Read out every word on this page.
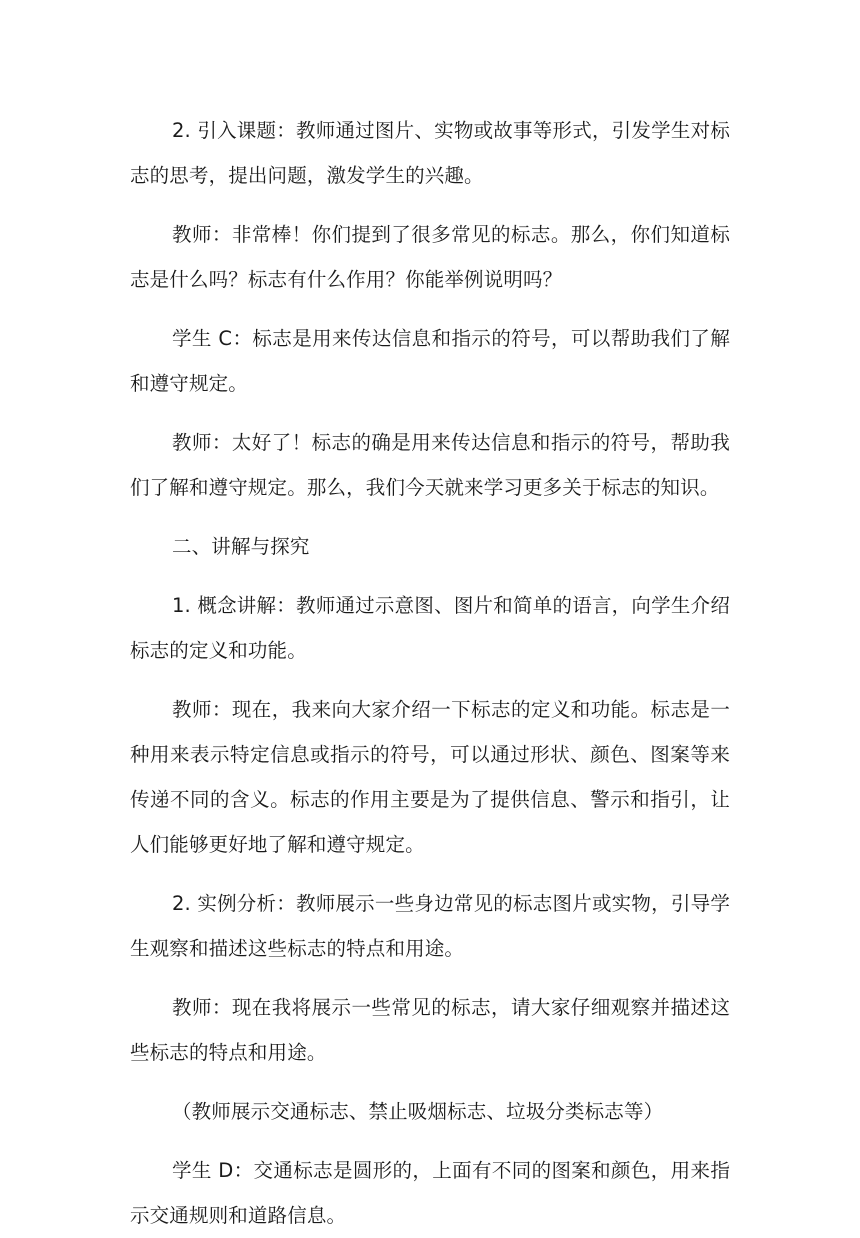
2. 引入课题：教师通过图片、实物或故事等形式，引发学生对标志的思考，提出问题，激发学生的兴趣。

教师：非常棒！你们提到了很多常见的标志。那么，你们知道标志是什么吗？标志有什么作用？你能举例说明吗？

学生 C：标志是用来传达信息和指示的符号，可以帮助我们了解和遵守规定。

教师：太好了！标志的确是用来传达信息和指示的符号，帮助我们了解和遵守规定。那么，我们今天就来学习更多关于标志的知识。

二、讲解与探究

1. 概念讲解：教师通过示意图、图片和简单的语言，向学生介绍标志的定义和功能。

教师：现在，我来向大家介绍一下标志的定义和功能。标志是一种用来表示特定信息或指示的符号，可以通过形状、颜色、图案等来传递不同的含义。标志的作用主要是为了提供信息、警示和指引，让人们能够更好地了解和遵守规定。

2. 实例分析：教师展示一些身边常见的标志图片或实物，引导学生观察和描述这些标志的特点和用途。

教师：现在我将展示一些常见的标志，请大家仔细观察并描述这些标志的特点和用途。

（教师展示交通标志、禁止吸烟标志、垃圾分类标志等）

学生 D：交通标志是圆形的，上面有不同的图案和颜色，用来指示交通规则和道路信息。
